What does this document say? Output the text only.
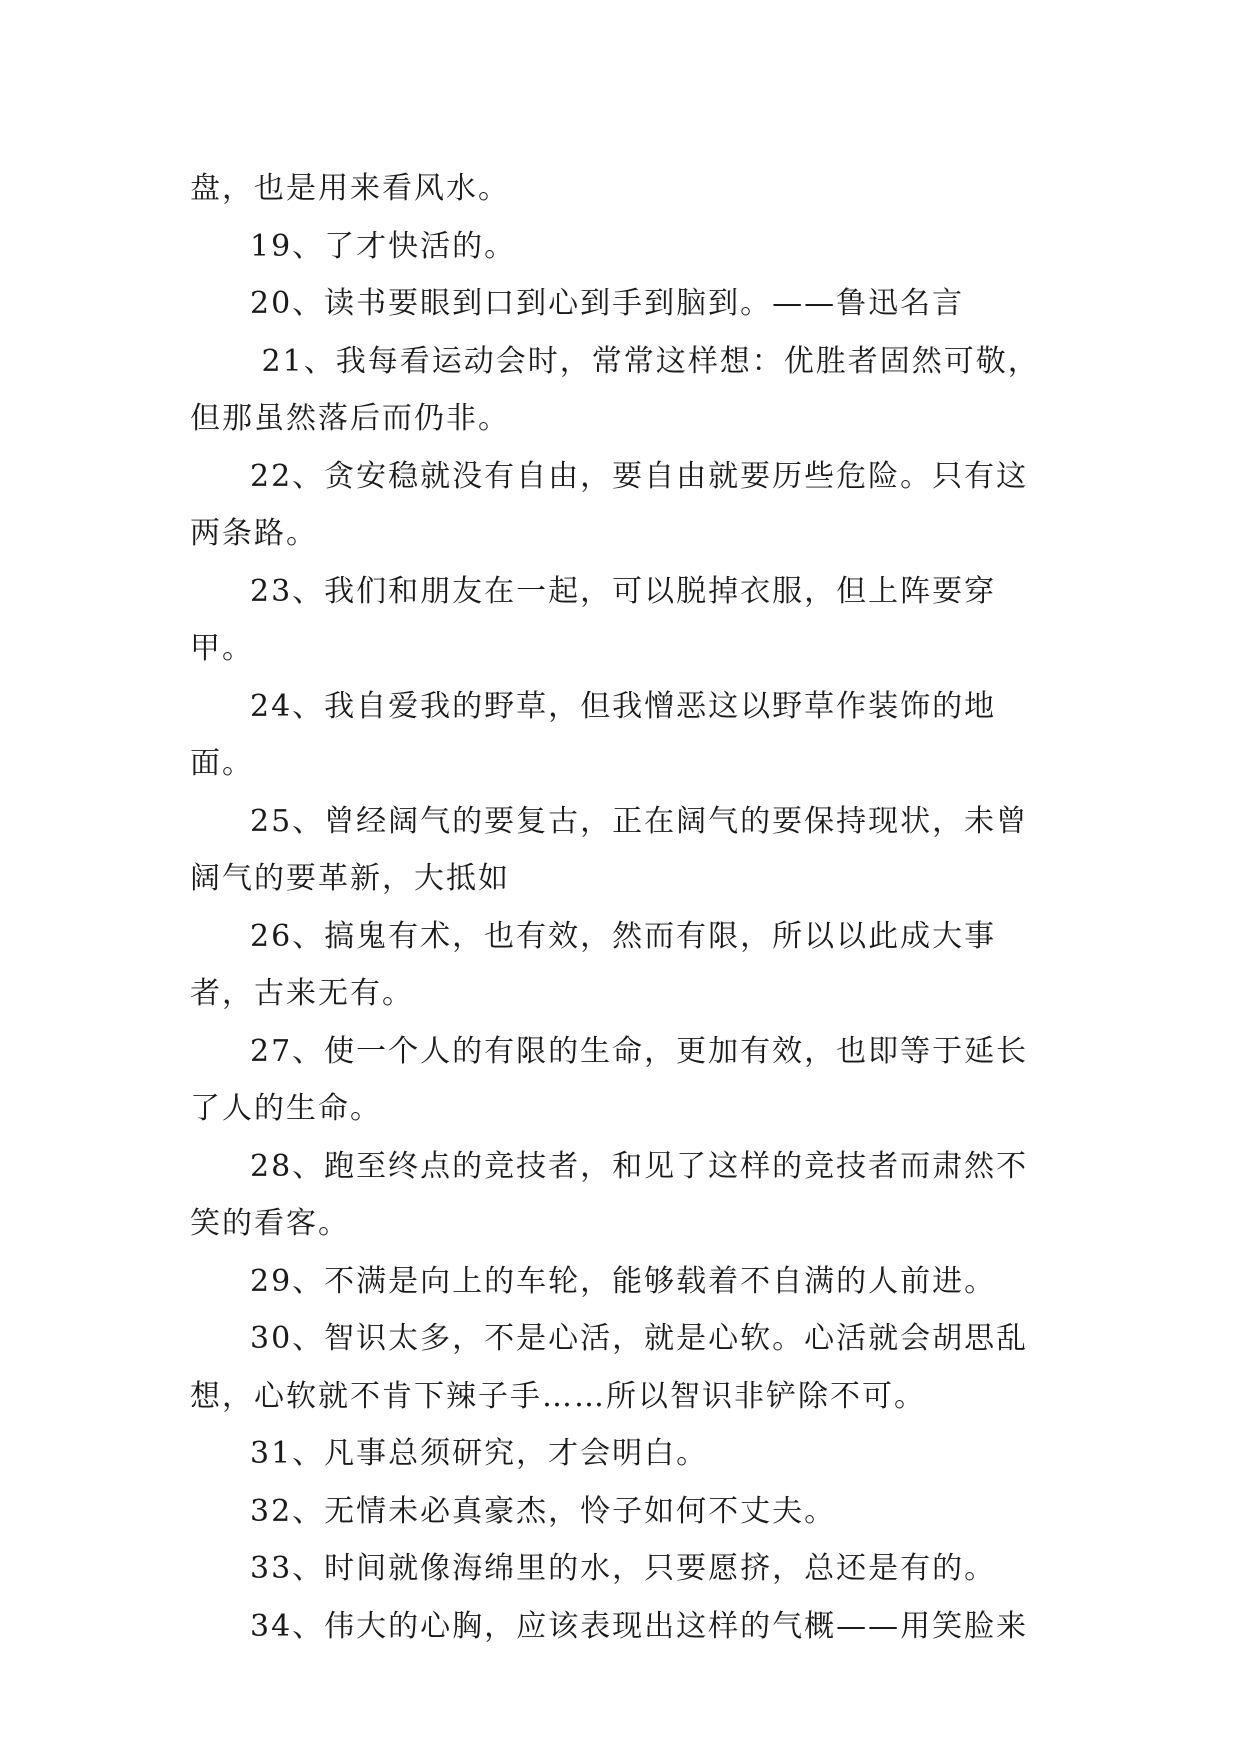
盘，也是用来看风水。

19、了才快活的。

20、读书要眼到口到心到手到脑到。——鲁迅名言

21、我每看运动会时，常常这样想：优胜者固然可敬，但那虽然落后而仍非。

22、贪安稳就没有自由，要自由就要历些危险。只有这两条路。

23、我们和朋友在一起，可以脱掉衣服，但上阵要穿甲。

24、我自爱我的野草，但我憎恶这以野草作装饰的地面。

25、曾经阔气的要复古，正在阔气的要保持现状，未曾阔气的要革新，大抵如

26、搞鬼有术，也有效，然而有限，所以以此成大事者，古来无有。

27、使一个人的有限的生命，更加有效，也即等于延长了人的生命。

28、跑至终点的竞技者，和见了这样的竞技者而肃然不笑的看客。

29、不满是向上的车轮，能够载着不自满的人前进。

30、智识太多，不是心活，就是心软。心活就会胡思乱想，心软就不肯下辣子手……所以智识非铲除不可。

31、凡事总须研究，才会明白。

32、无情未必真豪杰，怜子如何不丈夫。

33、时间就像海绵里的水，只要愿挤，总还是有的。

34、伟大的心胸，应该表现出这样的气概——用笑脸来
